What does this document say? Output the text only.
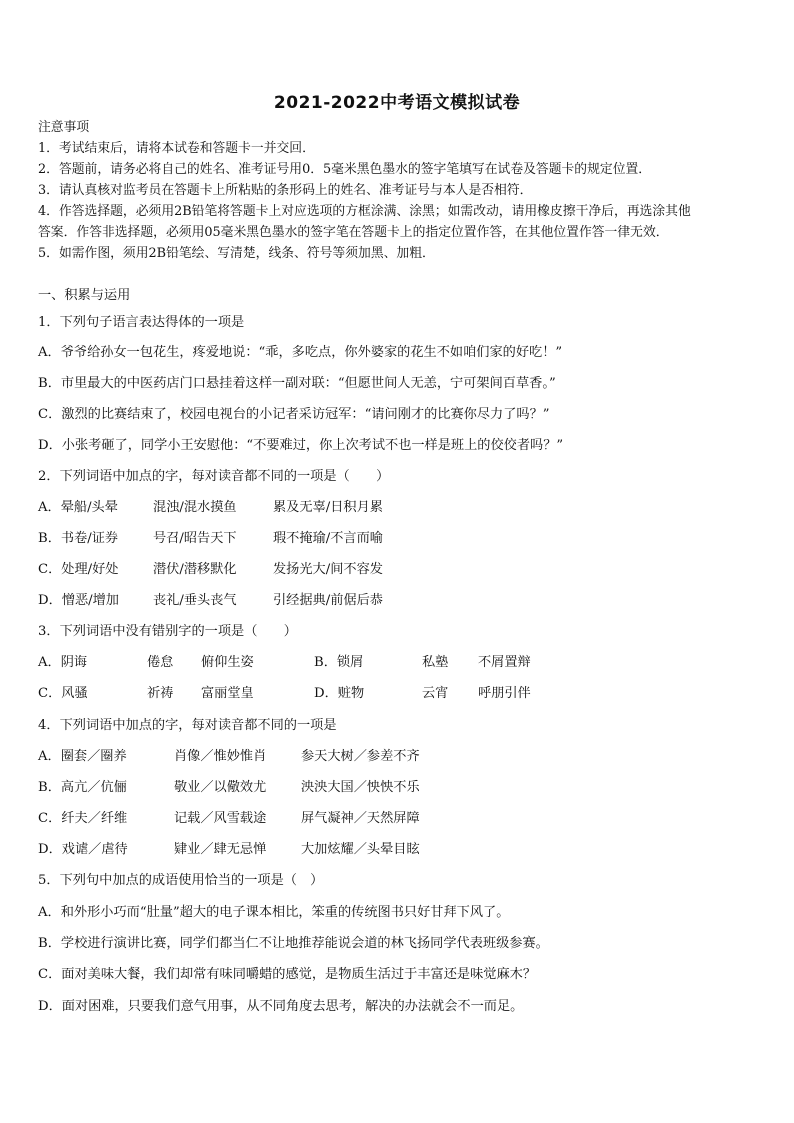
2021-2022中考语文模拟试卷
注意事项
1．考试结束后，请将本试卷和答题卡一并交回．
2．答题前，请务必将自己的姓名、准考证号用0．5毫米黑色墨水的签字笔填写在试卷及答题卡的规定位置．
3．请认真核对监考员在答题卡上所粘贴的条形码上的姓名、准考证号与本人是否相符．
4．作答选择题，必须用2B铅笔将答题卡上对应选项的方框涂满、涂黑；如需改动，请用橡皮擦干净后，再选涂其他
答案．作答非选择题，必须用05毫米黑色墨水的签字笔在答题卡上的指定位置作答，在其他位置作答一律无效．
5．如需作图，须用2B铅笔绘、写清楚，线条、符号等须加黑、加粗．
一、积累与运用
1．下列句子语言表达得体的一项是
A．爷爷给孙女一包花生，疼爱地说：“乖，多吃点，你外婆家的花生不如咱们家的好吃！”
B．市里最大的中医药店门口悬挂着这样一副对联：“但愿世间人无恙，宁可架间百草香。”
C．激烈的比赛结束了，校园电视台的小记者采访冠军：“请问刚才的比赛你尽力了吗？”
D．小张考砸了，同学小王安慰他：“不要难过，你上次考试不也一样是班上的佼佼者吗？”
2．下列词语中加点的字，每对读音都不同的一项是（　　）
A．晕船/头晕	混浊/混水摸鱼	累及无辜/日积月累
B．书卷/证券	号召/昭告天下	瑕不掩瑜/不言而喻
C．处理/好处	潜伏/潜移默化	发扬光大/间不容发
D．憎恶/增加	丧礼/垂头丧气	引经据典/前倨后恭
3．下列词语中没有错别字的一项是（　　）
A．阴诲	倦怠 俯仰生姿	B．锁屑	私塾 不屑置辩
C．风骚	祈祷 富丽堂皇	D．赃物	云宵 呼朋引伴
4．下列词语中加点的字，每对读音都不同的一项是
A．圈套／圈养	肖像／惟妙惟肖	参天大树／参差不齐
B．高亢／伉俪	敬业／以儆效尤	泱泱大国／怏怏不乐
C．纤夫／纤维	记载／风雪载途	屏气凝神／天然屏障
D．戏谑／虐待	肄业／肆无忌惮	大加炫耀／头晕目眩
5．下列句中加点的成语使用恰当的一项是（　）
A．和外形小巧而“肚量”超大的电子课本相比，笨重的传统图书只好甘拜下风了。
B．学校进行演讲比赛，同学们都当仁不让地推荐能说会道的林飞扬同学代表班级参赛。
C．面对美味大餐，我们却常有味同嚼蜡的感觉，是物质生活过于丰富还是味觉麻木？
D．面对困难，只要我们意气用事，从不同角度去思考，解决的办法就会不一而足。
